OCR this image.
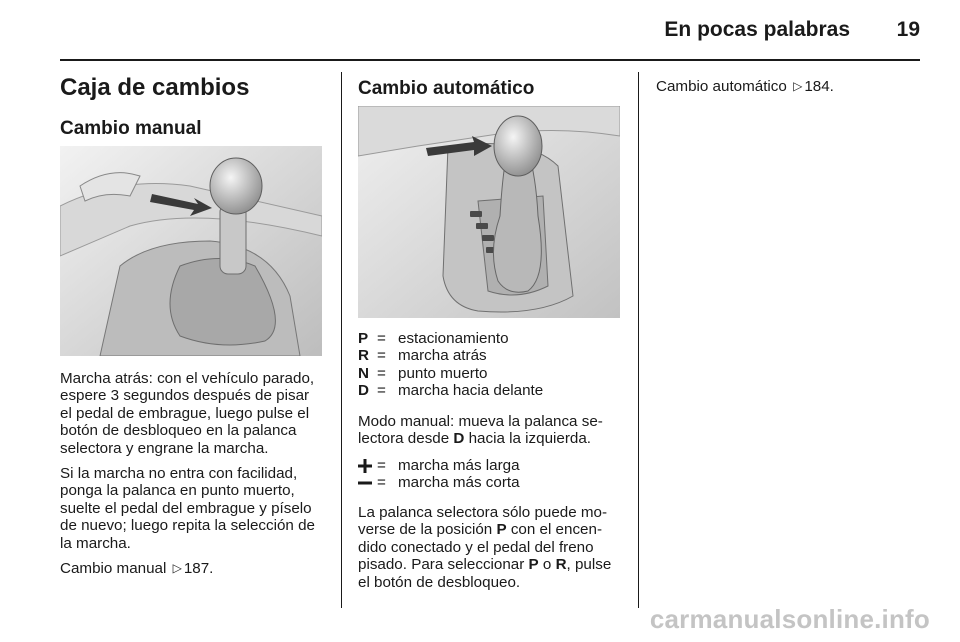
En pocas palabras	19
Caja de cambios
Cambio manual

Marcha atrás: con el vehículo parado,
espere 3 segundos después de pisar
el pedal de embrague, luego pulse el
botón de desbloqueo en la palanca
selectora y engrane la marcha.

Si la marcha no entra con facilidad,
ponga la palanca en punto muerto,
suelte el pedal del embrague y píselo
de nuevo; luego repita la selección de
la marcha.

Cambio manual ▷ 187.

Cambio automático
P = estacionamiento
R = marcha atrás
N = punto muerto
D = marcha hacia delante

Modo manual: mueva la palanca se-
lectora desde D hacia la izquierda.

= marcha más larga
= marcha más corta

La palanca selectora sólo puede mo-
verse de la posición P con el encen-
dido conectado y el pedal del freno
pisado. Para seleccionar P o R, pulse
el botón de desbloqueo.

Cambio automático ▷ 184.

carmanualsonline.info
